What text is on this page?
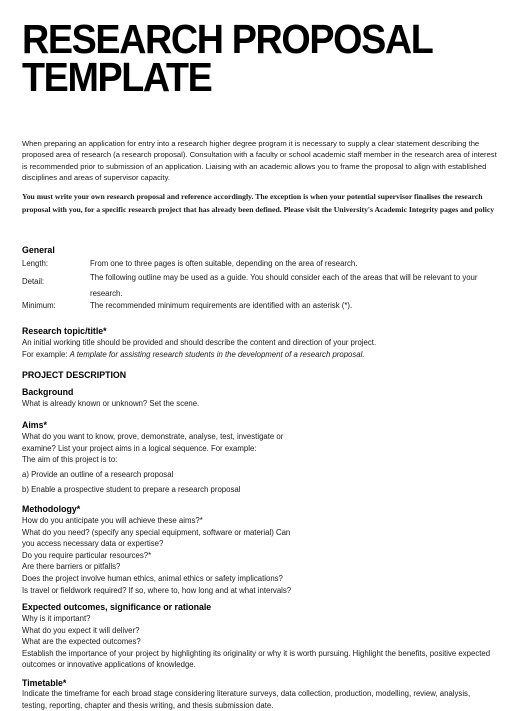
RESEARCH PROPOSAL
TEMPLATE
When preparing an application for entry into a research higher degree program it is necessary to supply a clear statement describing the
proposed area of research (a research proposal). Consultation with a faculty or school academic staff member in the research area of interest
is recommended prior to submission of an application. Liaising with an academic allows you to frame the proposal to align with established
disciplines and areas of supervisor capacity.
You must write your own research proposal and reference accordingly. The exception is when your potential supervisor finalises the research
proposal with you, for a specific research project that has already been defined. Please visit the University's Academic Integrity pages and policy
General
Length:	From one to three pages is often suitable, depending on the area of research.
Detail:	The following outline may be used as a guide. You should consider each of the areas that will be relevant to your
research.
Minimum:	The recommended minimum requirements are identified with an asterisk (*).
Research topic/title*
An initial working title should be provided and should describe the content and direction of your project.
For example: A template for assisting research students in the development of a research proposal.
PROJECT DESCRIPTION
Background
What is already known or unknown? Set the scene.
Aims*
What do you want to know, prove, demonstrate, analyse, test, investigate or
examine? List your project aims in a logical sequence. For example:
The aim of this project is to:
a) Provide an outline of a research proposal
b) Enable a prospective student to prepare a research proposal
Methodology*
How do you anticipate you will achieve these aims?*
What do you need? (specify any special equipment, software or material) Can
you access necessary data or expertise?
Do you require particular resources?*
Are there barriers or pitfalls?
Does the project involve human ethics, animal ethics or safety implications?
Is travel or fieldwork required? If so, where to, how long and at what intervals?
Expected outcomes, significance or rationale
Why is it important?
What do you expect it will deliver?
What are the expected outcomes?
Establish the importance of your project by highlighting its originality or why it is worth pursuing. Highlight the benefits, positive expected
outcomes or innovative applications of knowledge.
Timetable*
Indicate the timeframe for each broad stage considering literature surveys, data collection, production, modelling, review, analysis,
testing, reporting, chapter and thesis writing, and thesis submission date.
